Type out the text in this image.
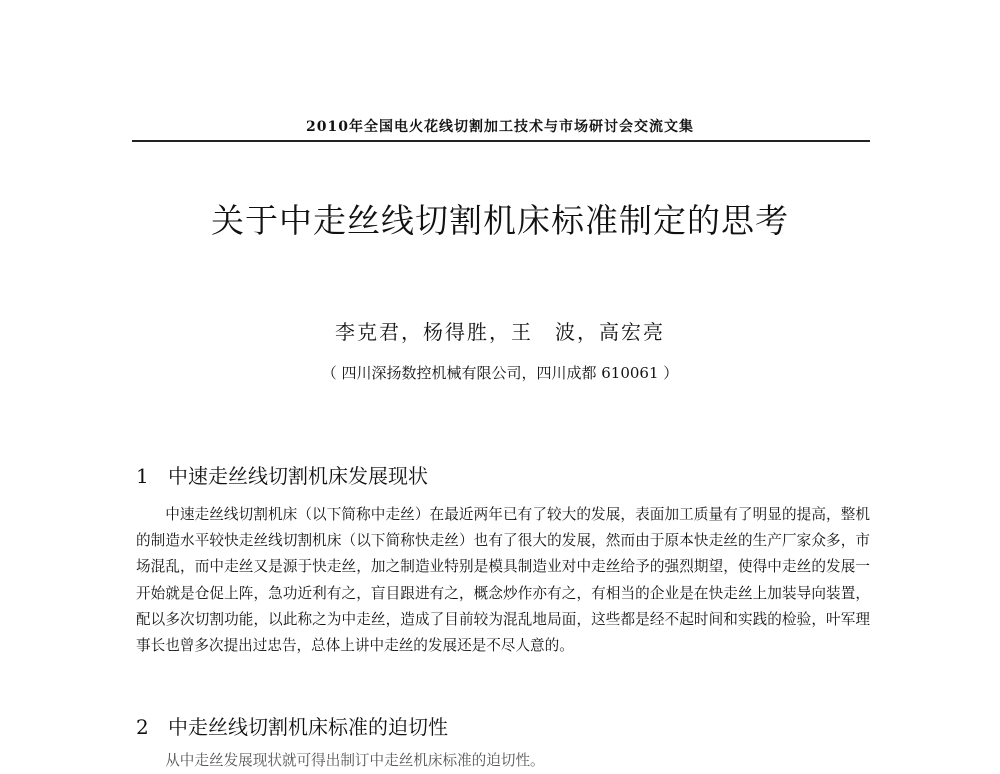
2010年全国电火花线切割加工技术与市场研讨会交流文集
关于中走丝线切割机床标准制定的思考
李克君，杨得胜，王　波，高宏亮
（ 四川深扬数控机械有限公司，四川成都 610061 ）
1 中速走丝线切割机床发展现状

中速走丝线切割机床（以下简称中走丝）在最近两年已有了较大的发展，表面加工质量有了明显的提高，整机的制造水平较快走丝线切割机床（以下简称快走丝）也有了很大的发展，然而由于原本快走丝的生产厂家众多，市场混乱，而中走丝又是源于快走丝，加之制造业特别是模具制造业对中走丝给予的强烈期望，使得中走丝的发展一开始就是仓促上阵，急功近利有之，盲目跟进有之，概念炒作亦有之，有相当的企业是在快走丝上加装导向装置，配以多次切割功能，以此称之为中走丝，造成了目前较为混乱地局面，这些都是经不起时间和实践的检验，叶军理事长也曾多次提出过忠告，总体上讲中走丝的发展还是不尽人意的。

2 中走丝线切割机床标准的迫切性

从中走丝发展现状就可得出制订中走丝机床标准的迫切性。
